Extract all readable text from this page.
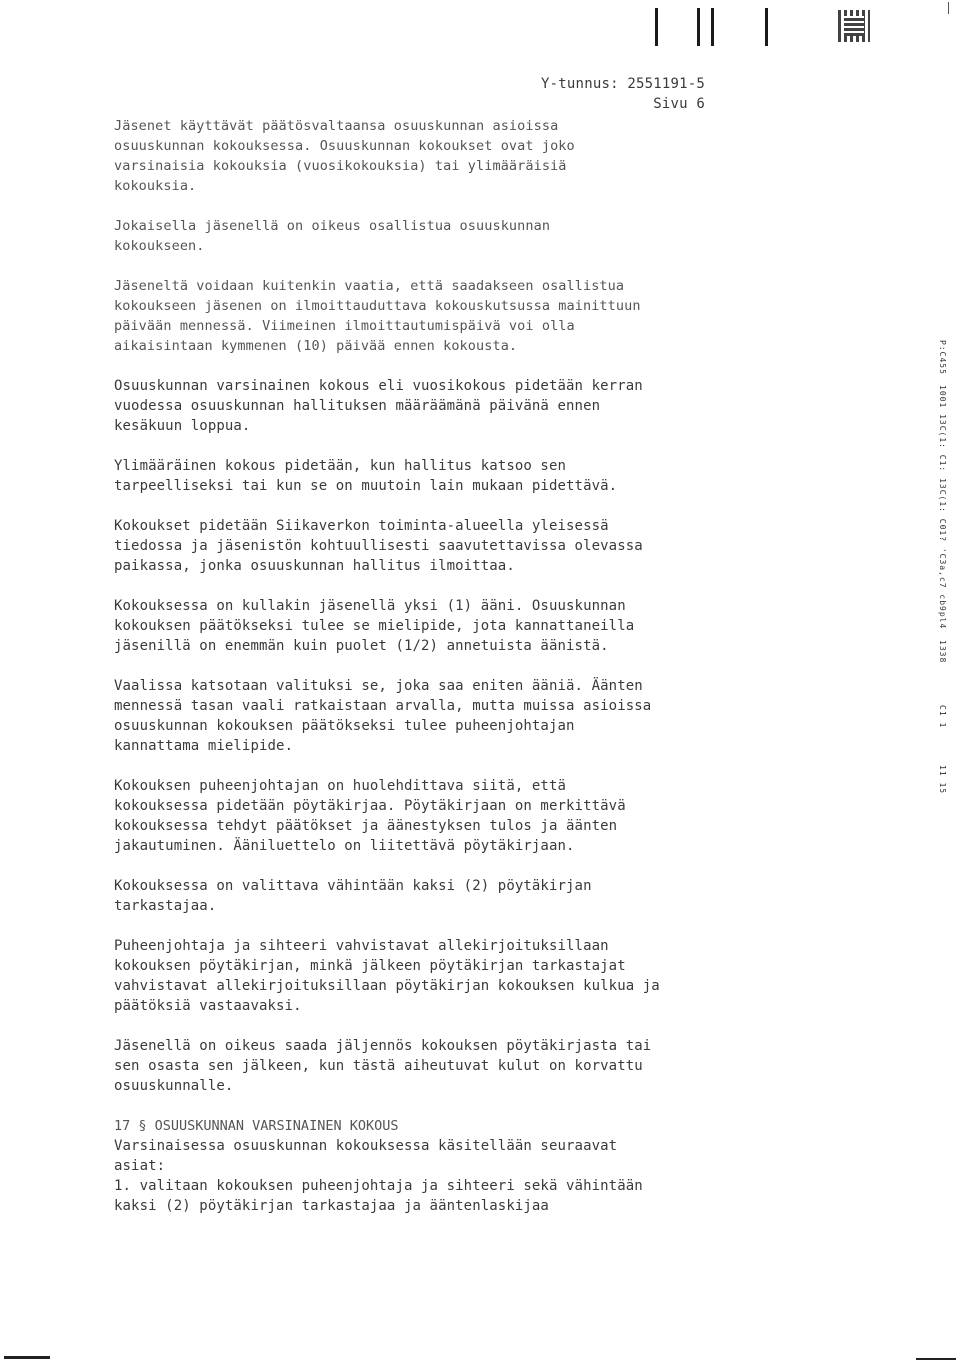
Y-tunnus: 2551191-5
Sivu 6

Jäsenet käyttävät päätösvaltaansa osuuskunnan asioissa
osuuskunnan kokouksessa. Osuuskunnan kokoukset ovat joko
varsinaisia kokouksia (vuosikokouksia) tai ylimääräisiä
kokouksia.

Jokaisella jäsenellä on oikeus osallistua osuuskunnan
kokoukseen.

Jäseneltä voidaan kuitenkin vaatia, että saadakseen osallistua
kokoukseen jäsenen on ilmoittauduttava kokouskutsussa mainittuun
päivään mennessä. Viimeinen ilmoittautumispäivä voi olla
aikaisintaan kymmenen (10) päivää ennen kokousta.

Osuuskunnan varsinainen kokous eli vuosikokous pidetään kerran
vuodessa osuuskunnan hallituksen määräämänä päivänä ennen
kesäkuun loppua.

Ylimääräinen kokous pidetään, kun hallitus katsoo sen
tarpeelliseksi tai kun se on muutoin lain mukaan pidettävä.

Kokoukset pidetään Siikaverkon toiminta-alueella yleisessä
tiedossa ja jäsenistön kohtuullisesti saavutettavissa olevassa
paikassa, jonka osuuskunnan hallitus ilmoittaa.

Kokouksessa on kullakin jäsenellä yksi (1) ääni. Osuuskunnan
kokouksen päätökseksi tulee se mielipide, jota kannattaneilla
jäsenillä on enemmän kuin puolet (1/2) annetuista äänistä.

Vaalissa katsotaan valituksi se, joka saa eniten ääniä. Äänten
mennessä tasan vaali ratkaistaan arvalla, mutta muissa asioissa
osuuskunnan kokouksen päätökseksi tulee puheenjohtajan
kannattama mielipide.

Kokouksen puheenjohtajan on huolehdittava siitä, että
kokouksessa pidetään pöytäkirjaa. Pöytäkirjaan on merkittävä
kokouksessa tehdyt päätökset ja äänestyksen tulos ja äänten
jakautuminen. Ääniluettelo on liitettävä pöytäkirjaan.

Kokouksessa on valittava vähintään kaksi (2) pöytäkirjan
tarkastajaa.

Puheenjohtaja ja sihteeri vahvistavat allekirjoituksillaan
kokouksen pöytäkirjan, minkä jälkeen pöytäkirjan tarkastajat
vahvistavat allekirjoituksillaan pöytäkirjan kokouksen kulkua ja
päätöksiä vastaavaksi.

Jäsenellä on oikeus saada jäljennös kokouksen pöytäkirjasta tai
sen osasta sen jälkeen, kun tästä aiheutuvat kulut on korvattu
osuuskunnalle.

17 § OSUUSKUNNAN VARSINAINEN KOKOUS

Varsinaisessa osuuskunnan kokouksessa käsitellään seuraavat
asiat:

1. valitaan kokouksen puheenjohtaja ja sihteeri sekä vähintään
kaksi (2) pöytäkirjan tarkastajaa ja ääntenlaskijaa

P:C455
1001 13C(1: C1: 13C(1: C01? 'C3a,c7 cb9pl4
1338
C1 1
11 15
